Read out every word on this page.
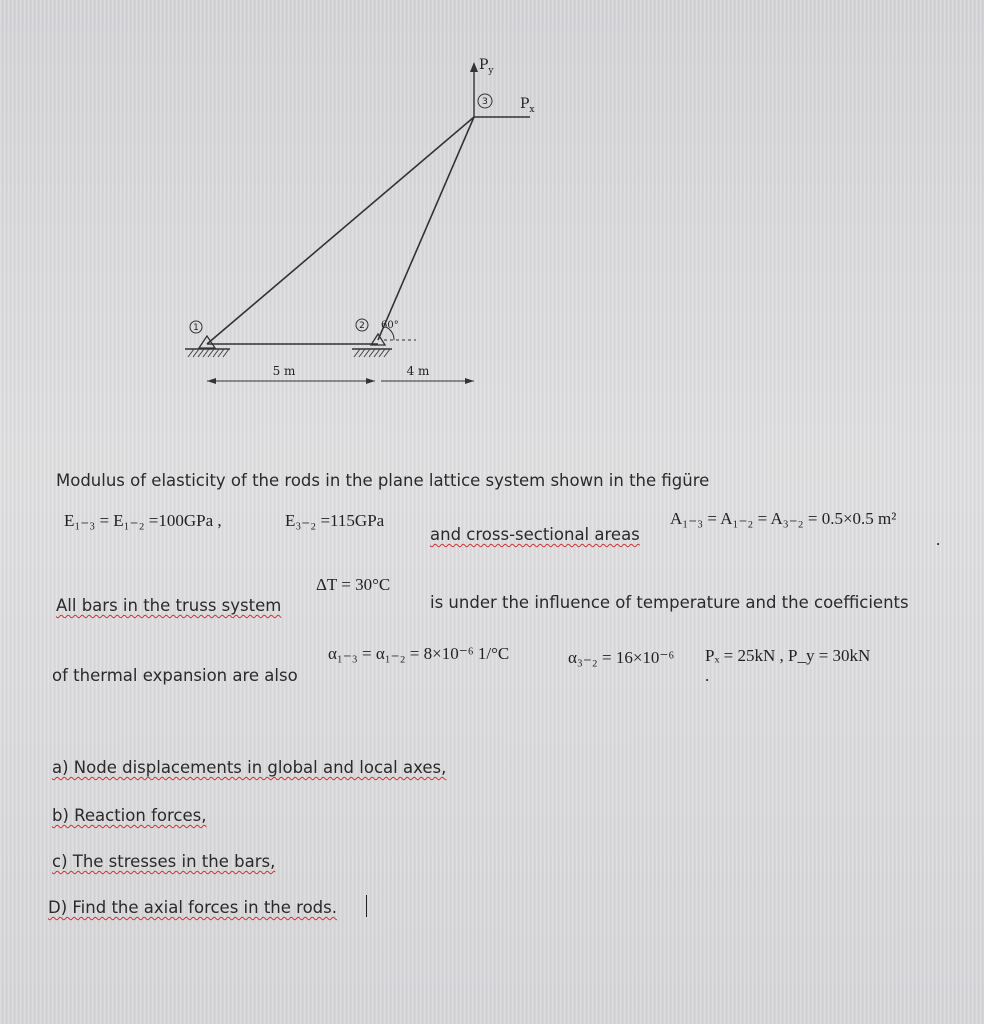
1	2 60°
3
$P_y$
$P_x$
5 m	4 m
Modulus of elasticity of the rods in the plane lattice system shown in the figüre
E₁₋₃ = E₁₋₂ =100GPa ,	E₃₋₂ =115GPa
and cross-sectional areas
A₁₋₃ = A₁₋₂ = A₃₋₂ = 0.5×0.5 m²
.
ΔT = 30°C
All bars in the truss system	is under the influence of temperature and the coefficients
α₁₋₃ = α₁₋₂ = 8×10⁻⁶ 1/°C	α₃₋₂ = 16×10⁻⁶ Pₓ = 25kN , P_y = 30kN
.
of thermal expansion are also
a) Node displacements in global and local axes,
b) Reaction forces,
c) The stresses in the bars,
D) Find the axial forces in the rods.
